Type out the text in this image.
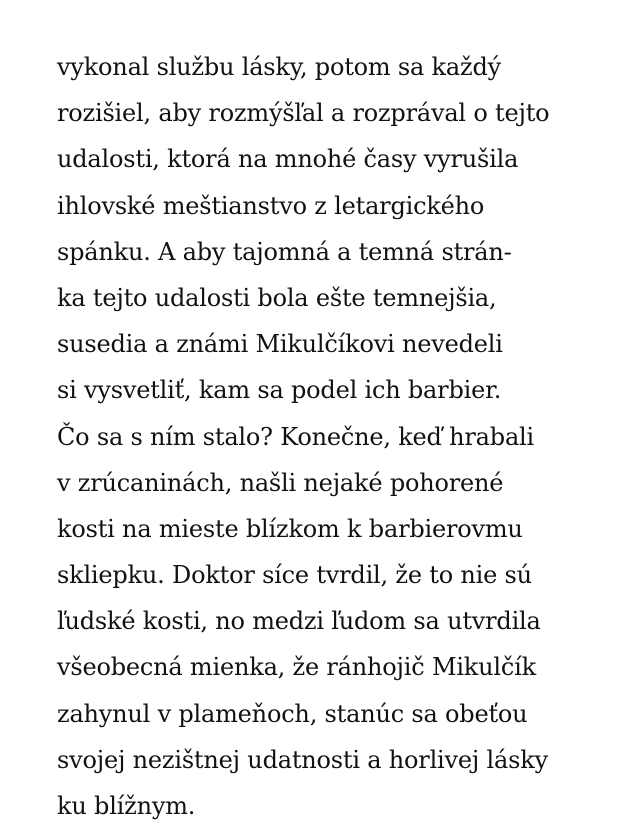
vykonal službu lásky, potom sa každý
rozišiel, aby rozmýšľal a rozprával o tejto
udalosti, ktorá na mnohé časy vyrušila
ihlovské meštianstvo z letargického
spánku. A aby tajomná a temná strán-
ka tejto udalosti bola ešte temnejšia,
susedia a známi Mikulčíkovi nevedeli
si vysvetliť, kam sa podel ich barbier.
Čo sa s ním stalo? Konečne, keď hrabali
v zrúcaninách, našli nejaké pohorené
kosti na mieste blízkom k barbierovmu
skliepku. Doktor síce tvrdil, že to nie sú
ľudské kosti, no medzi ľudom sa utvrdila
všeobecná mienka, že ránhojič Mikulčík
zahynul v plameňoch, stanúc sa obeťou
svojej nezištnej udatnosti a horlivej lásky
ku blížnym.
